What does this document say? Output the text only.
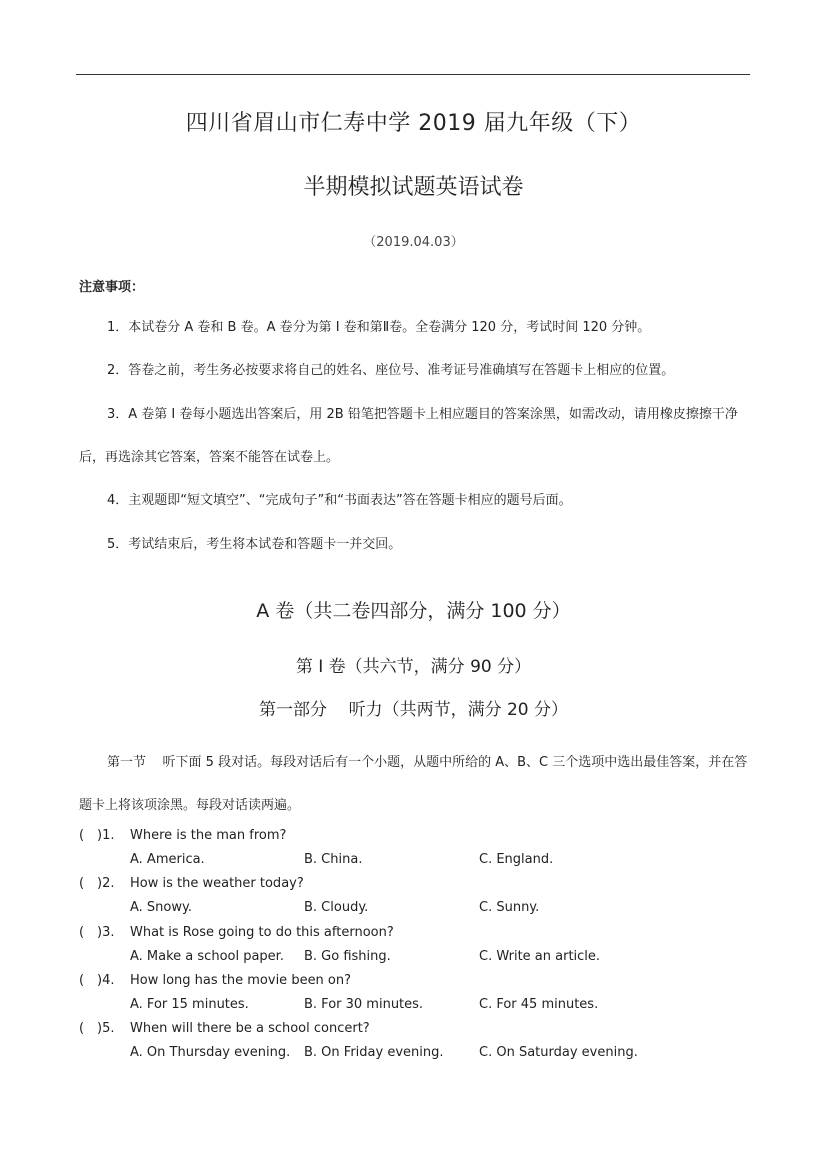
四川省眉山市仁寿中学 2019 届九年级（下）
半期模拟试题英语试卷
（2019.04.03）
注意事项：
1．本试卷分 A 卷和 B 卷。A 卷分为第 I 卷和第Ⅱ卷。全卷满分 120 分，考试时间 120 分钟。
2．答卷之前，考生务必按要求将自己的姓名、座位号、准考证号准确填写在答题卡上相应的位置。
3．A 卷第 I 卷每小题选出答案后，用 2B 铅笔把答题卡上相应题目的答案涂黑，如需改动，请用橡皮擦擦干净后，再选涂其它答案，答案不能答在试卷上。
4．主观题即“短文填空”、“完成句子”和“书面表达”答在答题卡相应的题号后面。
5．考试结束后，考生将本试卷和答题卡一并交回。
A 卷（共二卷四部分，满分 100 分）
第 I 卷（共六节，满分 90 分）
第一部分    听力（共两节，满分 20 分）
第一节    听下面 5 段对话。每段对话后有一个小题，从题中所给的 A、B、C 三个选项中选出最佳答案，并在答题卡上将该项涂黑。每段对话读两遍。
( )1. Where is the man from?
A. America.	B. China.	C. England.
( )2. How is the weather today?
A. Snowy.	B. Cloudy.	C. Sunny.
( )3. What is Rose going to do this afternoon?
A. Make a school paper. B. Go fishing.	C. Write an article.
( )4. How long has the movie been on?
A. For 15 minutes.	B. For 30 minutes.	C. For 45 minutes.
( )5. When will there be a school concert?
A. On Thursday evening. B. On Friday evening.	C. On Saturday evening.
